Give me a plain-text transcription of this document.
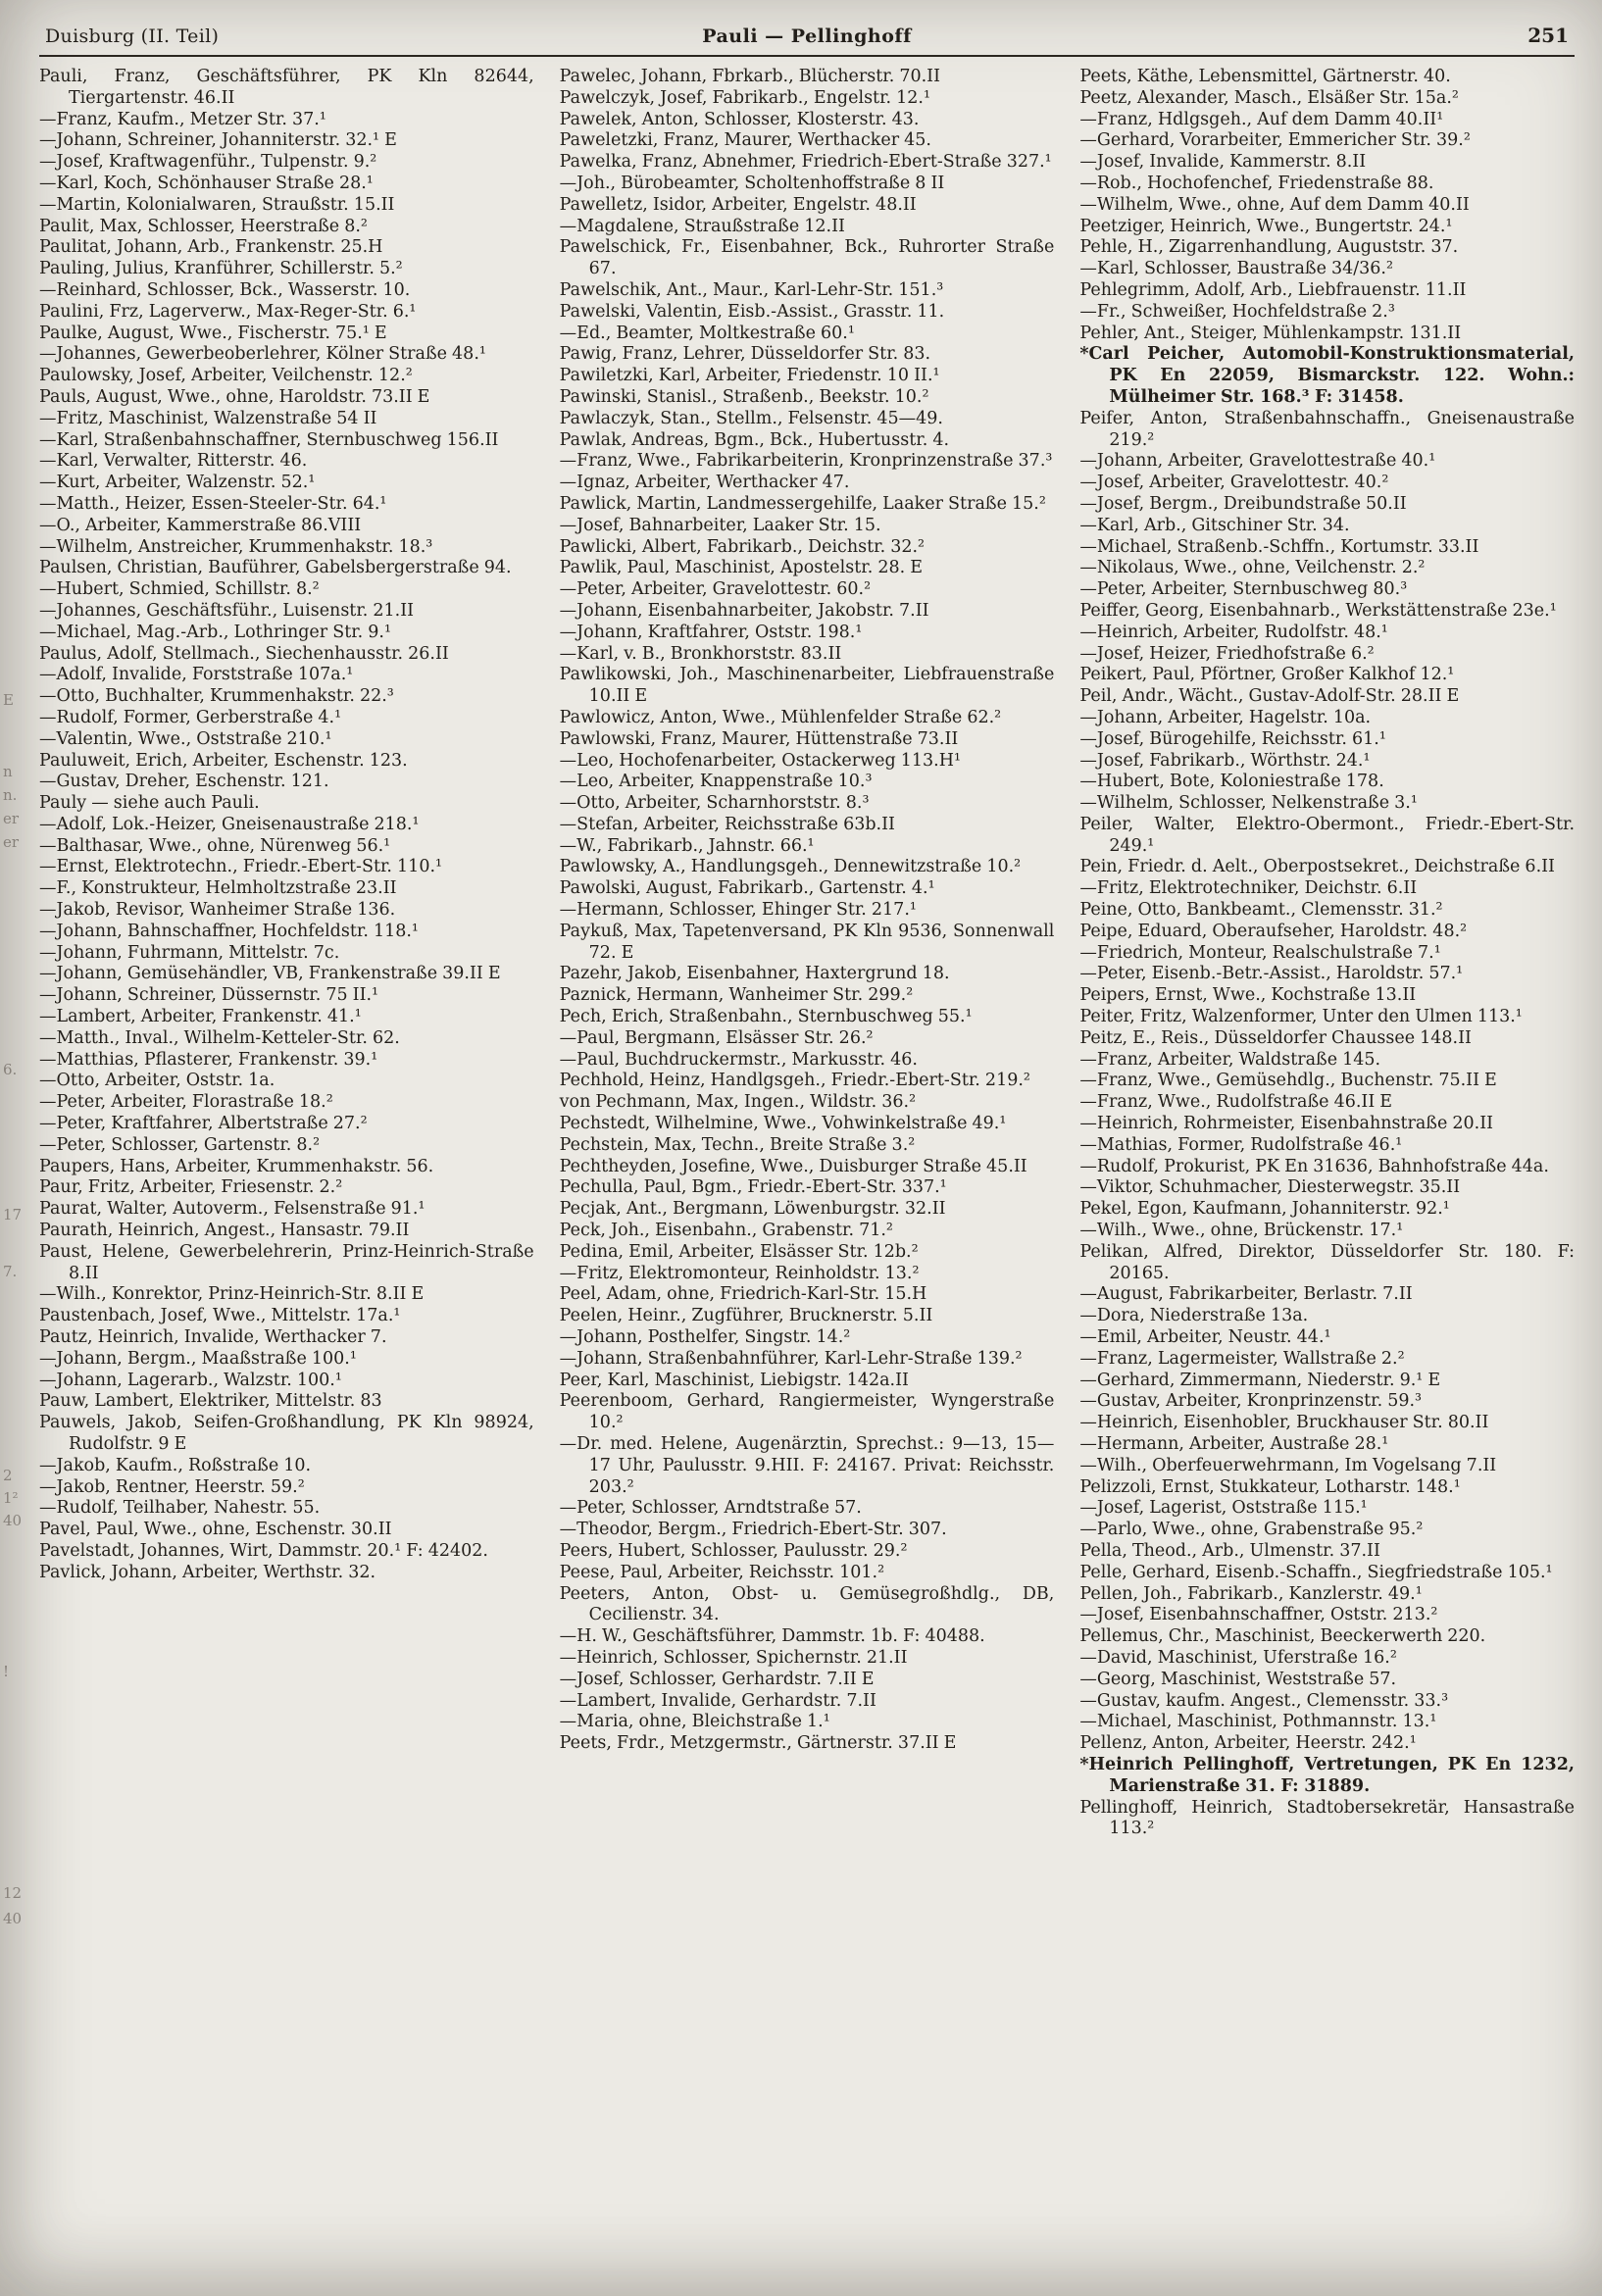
E
n
n.
er
er
6.
17
7.
2
1²
40
!
12
40
Duisburg (II. Teil)	Pauli — Pellinghoff	251
Pauli, Franz, Geschäftsführer, PK Kln 82644, Tiergartenstr. 46.II
—Franz, Kaufm., Metzer Str. 37.¹
—Johann, Schreiner, Johanniterstr. 32.¹ E
—Josef, Kraftwagenführ., Tulpenstr. 9.²
—Karl, Koch, Schönhauser Straße 28.¹
—Martin, Kolonialwaren, Straußstr. 15.II
Paulit, Max, Schlosser, Heerstraße 8.²
Paulitat, Johann, Arb., Frankenstr. 25.H
Pauling, Julius, Kranführer, Schillerstr. 5.²
—Reinhard, Schlosser, Bck., Wasserstr. 10.
Paulini, Frz, Lagerverw., Max-Reger-Str. 6.¹
Paulke, August, Wwe., Fischerstr. 75.¹ E
—Johannes, Gewerbeoberlehrer, Kölner Straße 48.¹
Paulowsky, Josef, Arbeiter, Veilchenstr. 12.²
Pauls, August, Wwe., ohne, Haroldstr. 73.II E
—Fritz, Maschinist, Walzenstraße 54 II
—Karl, Straßenbahnschaffner, Sternbuschweg 156.II
—Karl, Verwalter, Ritterstr. 46.
—Kurt, Arbeiter, Walzenstr. 52.¹
—Matth., Heizer, Essen-Steeler-Str. 64.¹
—O., Arbeiter, Kammerstraße 86.VIII
—Wilhelm, Anstreicher, Krummenhakstr. 18.³
Paulsen, Christian, Bauführer, Gabelsbergerstraße 94.
—Hubert, Schmied, Schillstr. 8.²
—Johannes, Geschäftsführ., Luisenstr. 21.II
—Michael, Mag.-Arb., Lothringer Str. 9.¹
Paulus, Adolf, Stellmach., Siechenhausstr. 26.II
—Adolf, Invalide, Forststraße 107a.¹
—Otto, Buchhalter, Krummenhakstr. 22.³
—Rudolf, Former, Gerberstraße 4.¹
—Valentin, Wwe., Oststraße 210.¹
Pauluweit, Erich, Arbeiter, Eschenstr. 123.
—Gustav, Dreher, Eschenstr. 121.
Pauly — siehe auch Pauli.
—Adolf, Lok.-Heizer, Gneisenaustraße 218.¹
—Balthasar, Wwe., ohne, Nürenweg 56.¹
—Ernst, Elektrotechn., Friedr.-Ebert-Str. 110.¹
—F., Konstrukteur, Helmholtzstraße 23.II
—Jakob, Revisor, Wanheimer Straße 136.
—Johann, Bahnschaffner, Hochfeldstr. 118.¹
—Johann, Fuhrmann, Mittelstr. 7c.
—Johann, Gemüsehändler, VB, Frankenstraße 39.II E
—Johann, Schreiner, Düssernstr. 75 II.¹
—Lambert, Arbeiter, Frankenstr. 41.¹
—Matth., Inval., Wilhelm-Ketteler-Str. 62.
—Matthias, Pflasterer, Frankenstr. 39.¹
—Otto, Arbeiter, Oststr. 1a.
—Peter, Arbeiter, Florastraße 18.²
—Peter, Kraftfahrer, Albertstraße 27.²
—Peter, Schlosser, Gartenstr. 8.²
Paupers, Hans, Arbeiter, Krummenhakstr. 56.
Paur, Fritz, Arbeiter, Friesenstr. 2.²
Paurat, Walter, Autoverm., Felsenstraße 91.¹
Paurath, Heinrich, Angest., Hansastr. 79.II
Paust, Helene, Gewerbelehrerin, Prinz-Heinrich-Straße 8.II
—Wilh., Konrektor, Prinz-Heinrich-Str. 8.II E
Paustenbach, Josef, Wwe., Mittelstr. 17a.¹
Pautz, Heinrich, Invalide, Werthacker 7.
—Johann, Bergm., Maaßstraße 100.¹
—Johann, Lagerarb., Walzstr. 100.¹
Pauw, Lambert, Elektriker, Mittelstr. 83
Pauwels, Jakob, Seifen-Großhandlung, PK Kln 98924, Rudolfstr. 9 E
—Jakob, Kaufm., Roßstraße 10.
—Jakob, Rentner, Heerstr. 59.²
—Rudolf, Teilhaber, Nahestr. 55.
Pavel, Paul, Wwe., ohne, Eschenstr. 30.II
Pavelstadt, Johannes, Wirt, Dammstr. 20.¹ F: 42402.
Pavlick, Johann, Arbeiter, Werthstr. 32.
Pawelec, Johann, Fbrkarb., Blücherstr. 70.II
Pawelczyk, Josef, Fabrikarb., Engelstr. 12.¹
Pawelek, Anton, Schlosser, Klosterstr. 43.
Paweletzki, Franz, Maurer, Werthacker 45.
Pawelka, Franz, Abnehmer, Friedrich-Ebert-Straße 327.¹
—Joh., Bürobeamter, Scholtenhoffstraße 8 II
Pawelletz, Isidor, Arbeiter, Engelstr. 48.II
—Magdalene, Straußstraße 12.II
Pawelschick, Fr., Eisenbahner, Bck., Ruhrorter Straße 67.
Pawelschik, Ant., Maur., Karl-Lehr-Str. 151.³
Pawelski, Valentin, Eisb.-Assist., Grasstr. 11.
—Ed., Beamter, Moltkestraße 60.¹
Pawig, Franz, Lehrer, Düsseldorfer Str. 83.
Pawiletzki, Karl, Arbeiter, Friedenstr. 10 II.¹
Pawinski, Stanisl., Straßenb., Beekstr. 10.²
Pawlaczyk, Stan., Stellm., Felsenstr. 45—49.
Pawlak, Andreas, Bgm., Bck., Hubertusstr. 4.
—Franz, Wwe., Fabrikarbeiterin, Kronprinzenstraße 37.³
—Ignaz, Arbeiter, Werthacker 47.
Pawlick, Martin, Landmessergehilfe, Laaker Straße 15.²
—Josef, Bahnarbeiter, Laaker Str. 15.
Pawlicki, Albert, Fabrikarb., Deichstr. 32.²
Pawlik, Paul, Maschinist, Apostelstr. 28. E
—Peter, Arbeiter, Gravelottestr. 60.²
—Johann, Eisenbahnarbeiter, Jakobstr. 7.II
—Johann, Kraftfahrer, Oststr. 198.¹
—Karl, v. B., Bronkhorststr. 83.II
Pawlikowski, Joh., Maschinenarbeiter, Liebfrauenstraße 10.II E
Pawlowicz, Anton, Wwe., Mühlenfelder Straße 62.²
Pawlowski, Franz, Maurer, Hüttenstraße 73.II
—Leo, Hochofenarbeiter, Ostackerweg 113.H¹
—Leo, Arbeiter, Knappenstraße 10.³
—Otto, Arbeiter, Scharnhorststr. 8.³
—Stefan, Arbeiter, Reichsstraße 63b.II
—W., Fabrikarb., Jahnstr. 66.¹
Pawlowsky, A., Handlungsgeh., Dennewitzstraße 10.²
Pawolski, August, Fabrikarb., Gartenstr. 4.¹
—Hermann, Schlosser, Ehinger Str. 217.¹
Paykuß, Max, Tapetenversand, PK Kln 9536, Sonnenwall 72. E
Pazehr, Jakob, Eisenbahner, Haxtergrund 18.
Paznick, Hermann, Wanheimer Str. 299.²
Pech, Erich, Straßenbahn., Sternbuschweg 55.¹
—Paul, Bergmann, Elsässer Str. 26.²
—Paul, Buchdruckermstr., Markusstr. 46.
Pechhold, Heinz, Handlgsgeh., Friedr.-Ebert-Str. 219.²
von Pechmann, Max, Ingen., Wildstr. 36.²
Pechstedt, Wilhelmine, Wwe., Vohwinkelstraße 49.¹
Pechstein, Max, Techn., Breite Straße 3.²
Pechtheyden, Josefine, Wwe., Duisburger Straße 45.II
Pechulla, Paul, Bgm., Friedr.-Ebert-Str. 337.¹
Pecjak, Ant., Bergmann, Löwenburgstr. 32.II
Peck, Joh., Eisenbahn., Grabenstr. 71.²
Pedina, Emil, Arbeiter, Elsässer Str. 12b.²
—Fritz, Elektromonteur, Reinholdstr. 13.²
Peel, Adam, ohne, Friedrich-Karl-Str. 15.H
Peelen, Heinr., Zugführer, Brucknerstr. 5.II
—Johann, Posthelfer, Singstr. 14.²
—Johann, Straßenbahnführer, Karl-Lehr-Straße 139.²
Peer, Karl, Maschinist, Liebigstr. 142a.II
Peerenboom, Gerhard, Rangiermeister, Wyngerstraße 10.²
—Dr. med. Helene, Augenärztin, Sprechst.: 9—13, 15—17 Uhr, Paulusstr. 9.HII. F: 24167. Privat: Reichsstr. 203.²
—Peter, Schlosser, Arndtstraße 57.
—Theodor, Bergm., Friedrich-Ebert-Str. 307.
Peers, Hubert, Schlosser, Paulusstr. 29.²
Peese, Paul, Arbeiter, Reichsstr. 101.²
Peeters, Anton, Obst- u. Gemüsegroßhdlg., DB, Cecilienstr. 34.
—H. W., Geschäftsführer, Dammstr. 1b. F: 40488.
—Heinrich, Schlosser, Spichernstr. 21.II
—Josef, Schlosser, Gerhardstr. 7.II E
—Lambert, Invalide, Gerhardstr. 7.II
—Maria, ohne, Bleichstraße 1.¹
Peets, Frdr., Metzgermstr., Gärtnerstr. 37.II E
Peets, Käthe, Lebensmittel, Gärtnerstr. 40.
Peetz, Alexander, Masch., Elsäßer Str. 15a.²
—Franz, Hdlgsgeh., Auf dem Damm 40.II¹
—Gerhard, Vorarbeiter, Emmericher Str. 39.²
—Josef, Invalide, Kammerstr. 8.II
—Rob., Hochofenchef, Friedenstraße 88.
—Wilhelm, Wwe., ohne, Auf dem Damm 40.II
Peetziger, Heinrich, Wwe., Bungertstr. 24.¹
Pehle, H., Zigarrenhandlung, Auguststr. 37.
—Karl, Schlosser, Baustraße 34/36.²
Pehlegrimm, Adolf, Arb., Liebfrauenstr. 11.II
—Fr., Schweißer, Hochfeldstraße 2.³
Pehler, Ant., Steiger, Mühlenkampstr. 131.II
*Carl Peicher, Automobil-Konstruktionsmaterial, PK En 22059, Bismarckstr. 122. Wohn.: Mülheimer Str. 168.³ F: 31458.
Peifer, Anton, Straßenbahnschaffn., Gneisenaustraße 219.²
—Johann, Arbeiter, Gravelottestraße 40.¹
—Josef, Arbeiter, Gravelottestr. 40.²
—Josef, Bergm., Dreibundstraße 50.II
—Karl, Arb., Gitschiner Str. 34.
—Michael, Straßenb.-Schffn., Kortumstr. 33.II
—Nikolaus, Wwe., ohne, Veilchenstr. 2.²
—Peter, Arbeiter, Sternbuschweg 80.³
Peiffer, Georg, Eisenbahnarb., Werkstättenstraße 23e.¹
—Heinrich, Arbeiter, Rudolfstr. 48.¹
—Josef, Heizer, Friedhofstraße 6.²
Peikert, Paul, Pförtner, Großer Kalkhof 12.¹
Peil, Andr., Wächt., Gustav-Adolf-Str. 28.II E
—Johann, Arbeiter, Hagelstr. 10a.
—Josef, Bürogehilfe, Reichsstr. 61.¹
—Josef, Fabrikarb., Wörthstr. 24.¹
—Hubert, Bote, Koloniestraße 178.
—Wilhelm, Schlosser, Nelkenstraße 3.¹
Peiler, Walter, Elektro-Obermont., Friedr.-Ebert-Str. 249.¹
Pein, Friedr. d. Aelt., Oberpostsekret., Deichstraße 6.II
—Fritz, Elektrotechniker, Deichstr. 6.II
Peine, Otto, Bankbeamt., Clemensstr. 31.²
Peipe, Eduard, Oberaufseher, Haroldstr. 48.²
—Friedrich, Monteur, Realschulstraße 7.¹
—Peter, Eisenb.-Betr.-Assist., Haroldstr. 57.¹
Peipers, Ernst, Wwe., Kochstraße 13.II
Peiter, Fritz, Walzenformer, Unter den Ulmen 113.¹
Peitz, E., Reis., Düsseldorfer Chaussee 148.II
—Franz, Arbeiter, Waldstraße 145.
—Franz, Wwe., Gemüsehdlg., Buchenstr. 75.II E
—Franz, Wwe., Rudolfstraße 46.II E
—Heinrich, Rohrmeister, Eisenbahnstraße 20.II
—Mathias, Former, Rudolfstraße 46.¹
—Rudolf, Prokurist, PK En 31636, Bahnhofstraße 44a.
—Viktor, Schuhmacher, Diesterwegstr. 35.II
Pekel, Egon, Kaufmann, Johanniterstr. 92.¹
—Wilh., Wwe., ohne, Brückenstr. 17.¹
Pelikan, Alfred, Direktor, Düsseldorfer Str. 180. F: 20165.
—August, Fabrikarbeiter, Berlastr. 7.II
—Dora, Niederstraße 13a.
—Emil, Arbeiter, Neustr. 44.¹
—Franz, Lagermeister, Wallstraße 2.²
—Gerhard, Zimmermann, Niederstr. 9.¹ E
—Gustav, Arbeiter, Kronprinzenstr. 59.³
—Heinrich, Eisenhobler, Bruckhauser Str. 80.II
—Hermann, Arbeiter, Austraße 28.¹
—Wilh., Oberfeuerwehrmann, Im Vogelsang 7.II
Pelizzoli, Ernst, Stukkateur, Lotharstr. 148.¹
—Josef, Lagerist, Oststraße 115.¹
—Parlo, Wwe., ohne, Grabenstraße 95.²
Pella, Theod., Arb., Ulmenstr. 37.II
Pelle, Gerhard, Eisenb.-Schaffn., Siegfriedstraße 105.¹
Pellen, Joh., Fabrikarb., Kanzlerstr. 49.¹
—Josef, Eisenbahnschaffner, Oststr. 213.²
Pellemus, Chr., Maschinist, Beeckerwerth 220.
—David, Maschinist, Uferstraße 16.²
—Georg, Maschinist, Weststraße 57.
—Gustav, kaufm. Angest., Clemensstr. 33.³
—Michael, Maschinist, Pothmannstr. 13.¹
Pellenz, Anton, Arbeiter, Heerstr. 242.¹
*Heinrich Pellinghoff, Vertretungen, PK En 1232, Marienstraße 31. F: 31889.
Pellinghoff, Heinrich, Stadtobersekretär, Hansastraße 113.²
